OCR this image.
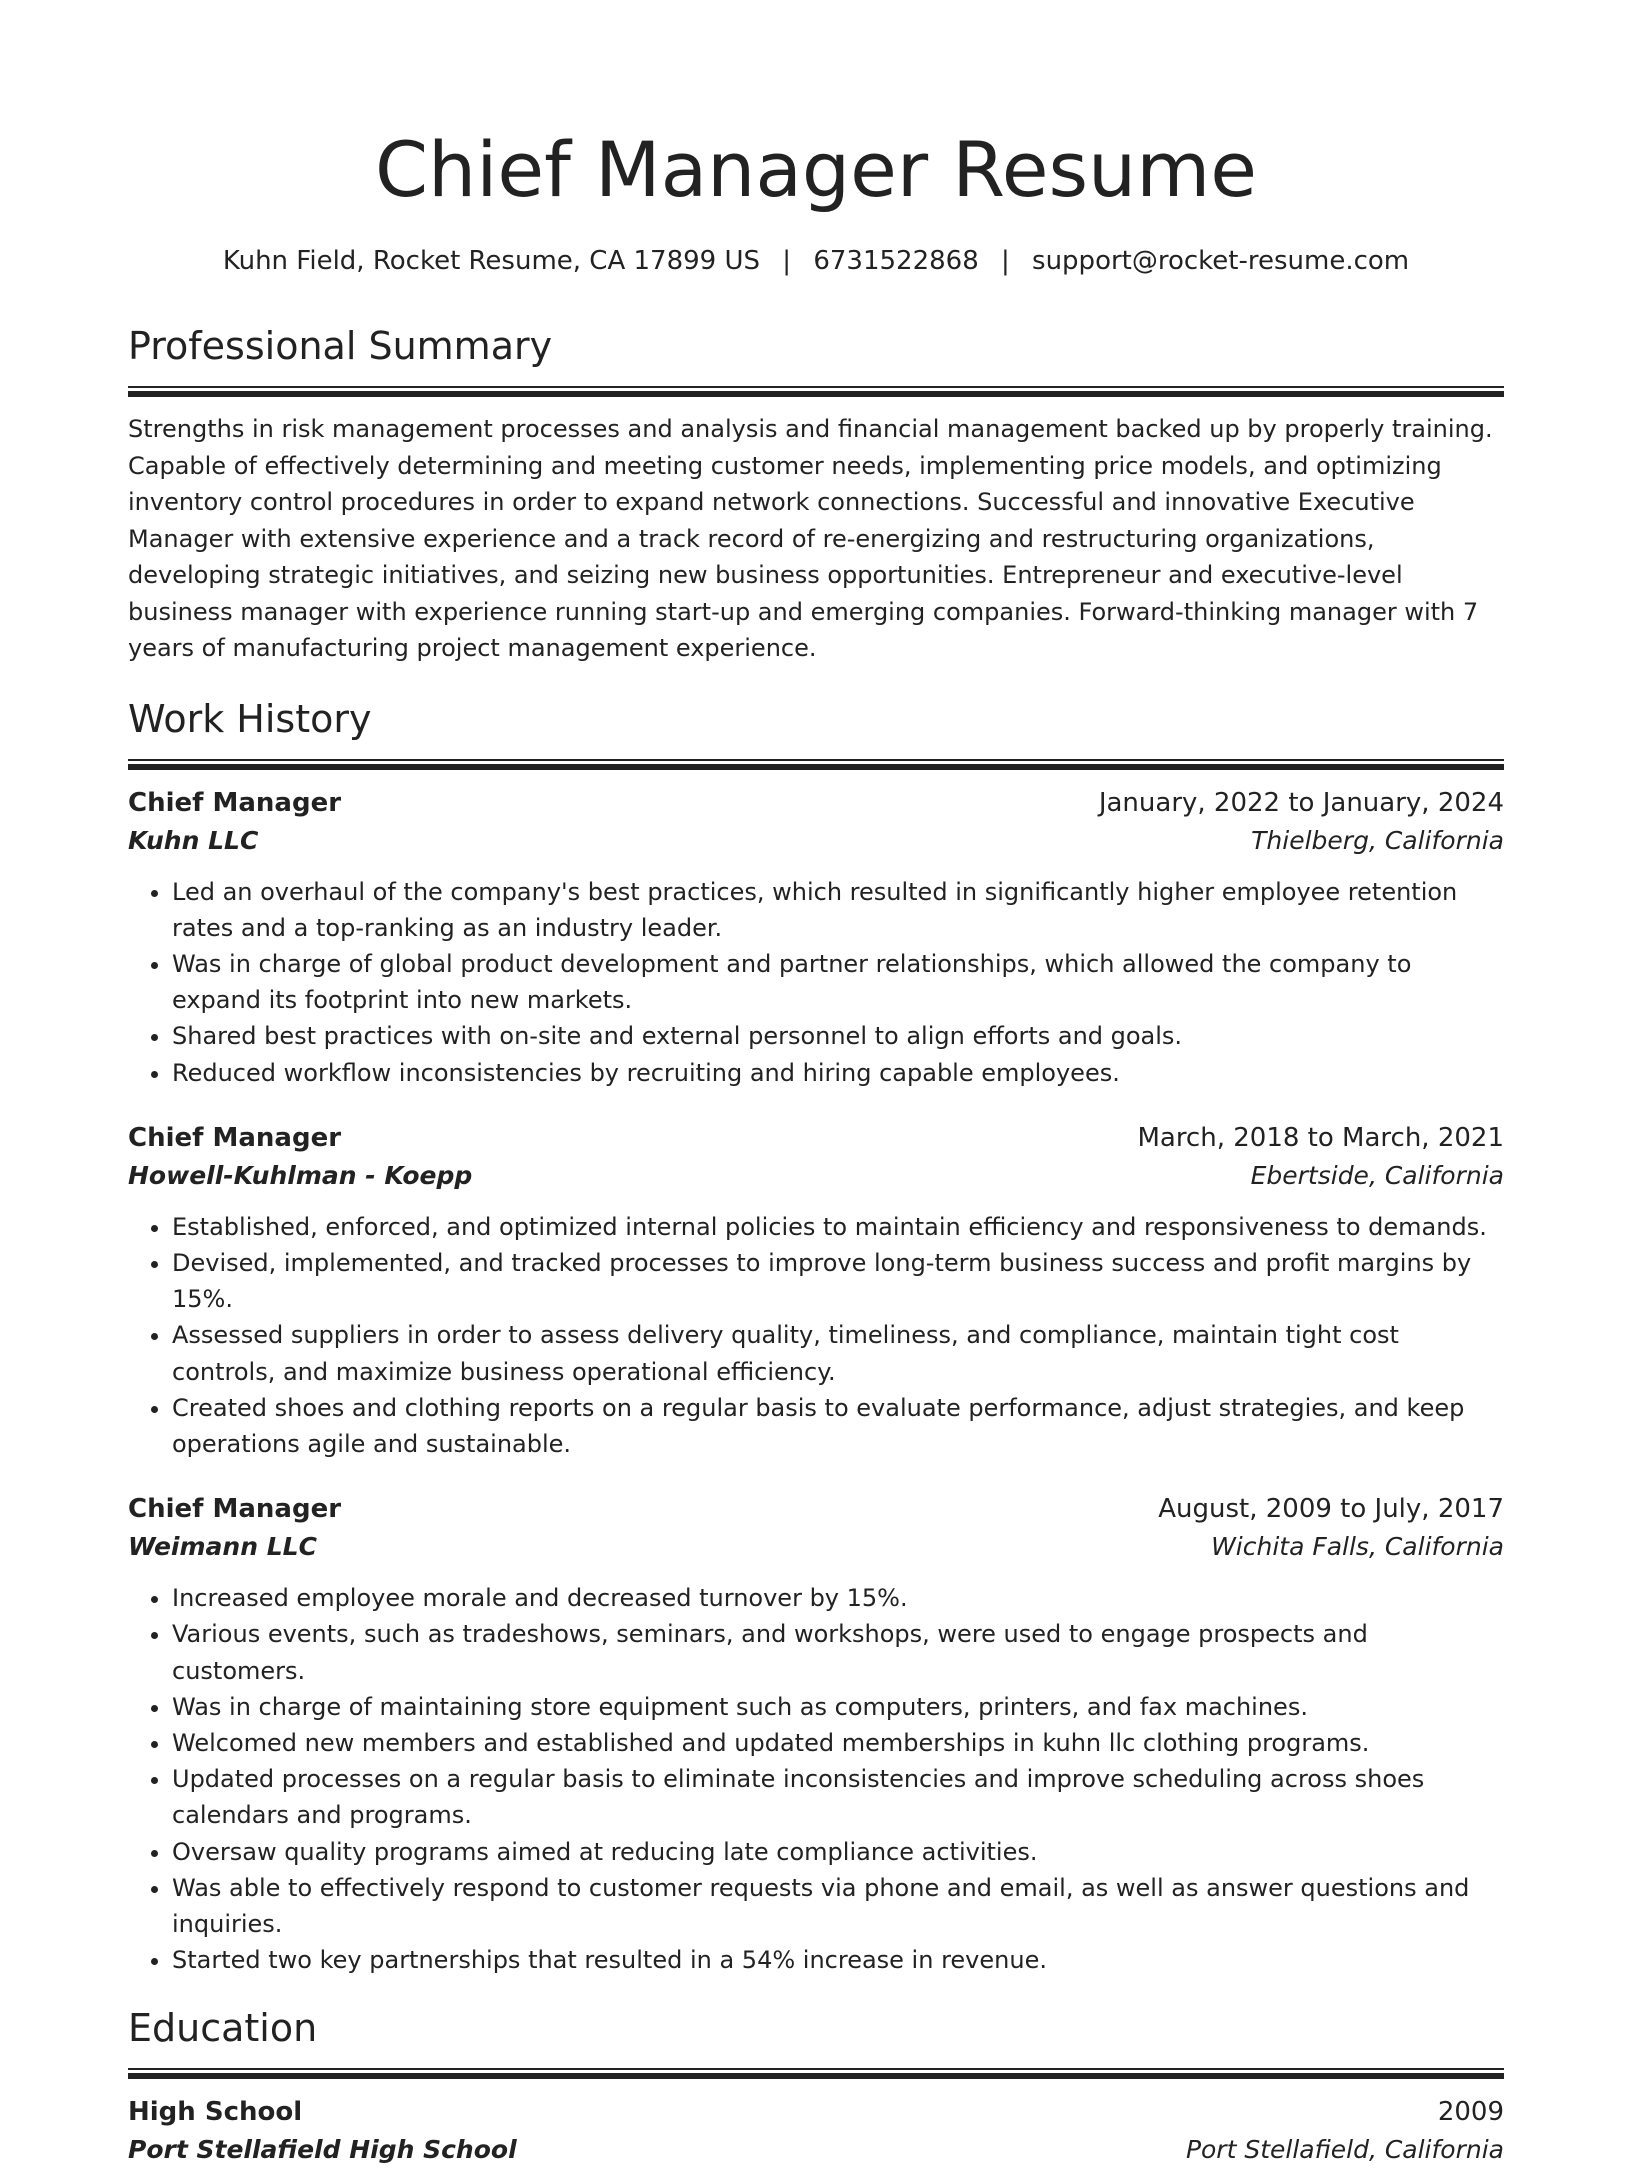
Chief Manager Resume
Kuhn Field, Rocket Resume, CA 17899 US | 6731522868 | support@rocket-resume.com
Professional Summary
Strengths in risk management processes and analysis and financial management backed up by properly training. Capable of effectively determining and meeting customer needs, implementing price models, and optimizing inventory control procedures in order to expand network connections. Successful and innovative Executive Manager with extensive experience and a track record of re-energizing and restructuring organizations, developing strategic initiatives, and seizing new business opportunities. Entrepreneur and executive-level business manager with experience running start-up and emerging companies. Forward-thinking manager with 7 years of manufacturing project management experience.
Work History
Chief Manager	January, 2022 to January, 2024
Kuhn LLC	Thielberg, California
• Led an overhaul of the company's best practices, which resulted in significantly higher employee retention rates and a top-ranking as an industry leader.
• Was in charge of global product development and partner relationships, which allowed the company to expand its footprint into new markets.
• Shared best practices with on-site and external personnel to align efforts and goals.
• Reduced workflow inconsistencies by recruiting and hiring capable employees.
Chief Manager	March, 2018 to March, 2021
Howell-Kuhlman - Koepp	Ebertside, California
• Established, enforced, and optimized internal policies to maintain efficiency and responsiveness to demands.
• Devised, implemented, and tracked processes to improve long-term business success and profit margins by 15%.
• Assessed suppliers in order to assess delivery quality, timeliness, and compliance, maintain tight cost controls, and maximize business operational efficiency.
• Created shoes and clothing reports on a regular basis to evaluate performance, adjust strategies, and keep operations agile and sustainable.
Chief Manager	August, 2009 to July, 2017
Weimann LLC	Wichita Falls, California
• Increased employee morale and decreased turnover by 15%.
• Various events, such as tradeshows, seminars, and workshops, were used to engage prospects and customers.
• Was in charge of maintaining store equipment such as computers, printers, and fax machines.
• Welcomed new members and established and updated memberships in kuhn llc clothing programs.
• Updated processes on a regular basis to eliminate inconsistencies and improve scheduling across shoes calendars and programs.
• Oversaw quality programs aimed at reducing late compliance activities.
• Was able to effectively respond to customer requests via phone and email, as well as answer questions and inquiries.
• Started two key partnerships that resulted in a 54% increase in revenue.
Education
High School	2009
Port Stellafield High School	Port Stellafield, California
